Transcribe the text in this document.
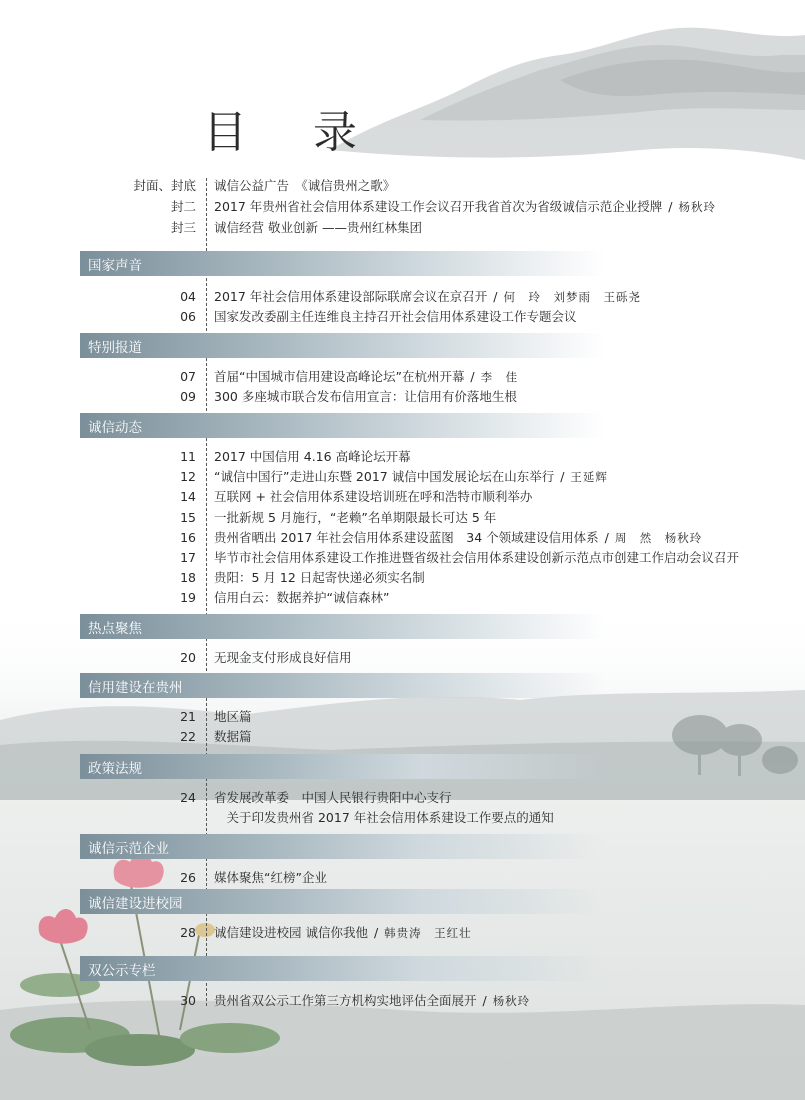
目 录
封面、封底 诚信公益广告　《诚信贵州之歌》
封二 2017 年贵州省社会信用体系建设工作会议召开我省首次为省级诚信示范企业授牌 / 杨秋玲
封三 诚信经营 敬业创新 ——贵州红林集团
国家声音
04 2017 年社会信用体系建设部际联席会议在京召开 / 何　玲　刘梦雨　王砾尧
06 国家发改委副主任连维良主持召开社会信用体系建设工作专题会议
特别报道
07 首届“中国城市信用建设高峰论坛”在杭州开幕 / 李　佳
09 300 多座城市联合发布信用宣言：让信用有价落地生根
诚信动态
11 2017 中国信用 4.16 高峰论坛开幕
12 “诚信中国行”走进山东暨 2017 诚信中国发展论坛在山东举行 / 王延辉
14 互联网 + 社会信用体系建设培训班在呼和浩特市顺利举办
15 一批新规 5 月施行，“老赖”名单期限最长可达 5 年
16 贵州省晒出 2017 年社会信用体系建设蓝图　34 个领域建设信用体系 / 周　然　杨秋玲
17 毕节市社会信用体系建设工作推进暨省级社会信用体系建设创新示范点市创建工作启动会议召开
18 贵阳：5 月 12 日起寄快递必须实名制
19 信用白云：数据养护“诚信森林”
热点聚焦
20 无现金支付形成良好信用
信用建设在贵州
21 地区篇
22 数据篇
政策法规
24 省发展改革委　中国人民银行贵阳中心支行
　关于印发贵州省 2017 年社会信用体系建设工作要点的通知
诚信示范企业
26 媒体聚焦“红榜”企业
诚信建设进校园
28 诚信建设进校园 诚信你我他 / 韩贵涛　王红壮
双公示专栏
30 贵州省双公示工作第三方机构实地评估全面展开 / 杨秋玲
